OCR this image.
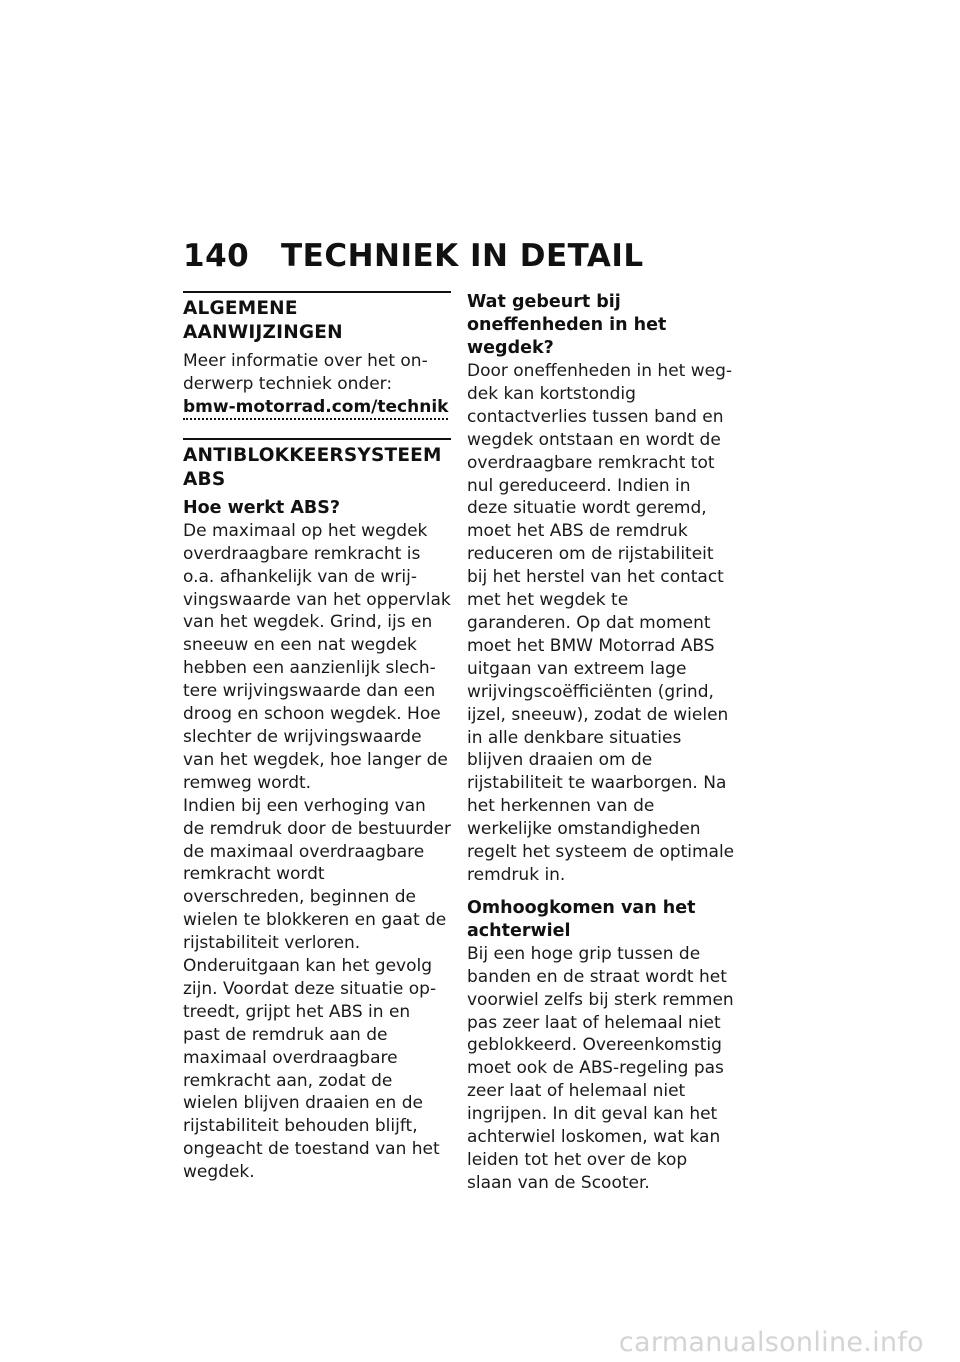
140 TECHNIEK IN DETAIL
ALGEMENE AANWIJZINGEN

Meer informatie over het onderwerp techniek onder:

bmw-motorrad.com/technik
ANTIBLOKKEERSYSTEEM ABS
Hoe werkt ABS?

De maximaal op het wegdek overdraagbare remkracht is o.a. afhankelijk van de wrijvingswaarde van het oppervlak van het wegdek. Grind, ijs en sneeuw en een nat wegdek hebben een aanzienlijk slechtere wrijvingswaarde dan een droog en schoon wegdek. Hoe slechter de wrijvingswaarde van het wegdek, hoe langer de remweg wordt.

Indien bij een verhoging van de remdruk door de bestuurder de maximaal overdraagbare remkracht wordt overschreden, beginnen de wielen te blokkeren en gaat de rijstabiliteit verloren. Onderuitgaan kan het gevolg zijn. Voordat deze situatie optreedt, grijpt het ABS in en past de remdruk aan de maximaal overdraagbare remkracht aan, zodat de wielen blijven draaien en de rijstabiliteit behouden blijft, ongeacht de toestand van het wegdek.

Wat gebeurt bij oneffenheden in het wegdek?

Door oneffenheden in het wegdek kan kortstondig contactverlies tussen band en wegdek ontstaan en wordt de overdraagbare remkracht tot nul gereduceerd. Indien in deze situatie wordt geremd, moet het ABS de remdruk reduceren om de rijstabiliteit bij het herstel van het contact met het wegdek te garanderen. Op dat moment moet het BMW Motorrad ABS uitgaan van extreem lage wrijvingscoëfficiënten (grind, ijzel, sneeuw), zodat de wielen in alle denkbare situaties blijven draaien om de rijstabiliteit te waarborgen. Na het herkennen van de werkelijke omstandigheden regelt het systeem de optimale remdruk in.

Omhoogkomen van het achterwiel

Bij een hoge grip tussen de banden en de straat wordt het voorwiel zelfs bij sterk remmen pas zeer laat of helemaal niet geblokkeerd. Overeenkomstig moet ook de ABS-regeling pas zeer laat of helemaal niet ingrijpen. In dit geval kan het achterwiel loskomen, wat kan leiden tot het over de kop slaan van de Scooter.

carmanualsonline.info
